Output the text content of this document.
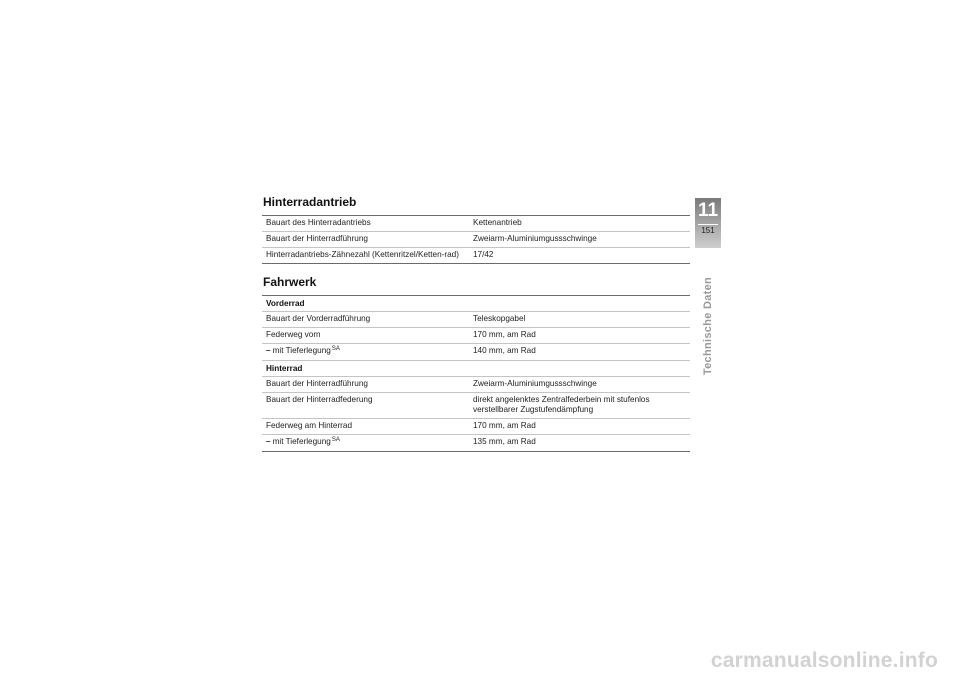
Hinterradantrieb
Bauart des Hinterradantriebs	Kettenantrieb
Bauart der Hinterradführung	Zweiarm-Aluminiumgussschwinge
Hinterradantriebs-Zähnezahl (Kettenritzel/Ketten-rad)	17/42
Fahrwerk
Vorderrad	
Bauart der Vorderradführung	Teleskopgabel
Federweg vorn	170 mm, am Rad
– mit Tieferlegung$^{SA}$	140 mm, am Rad
Hinterrad	
Bauart der Hinterradführung	Zweiarm-Aluminiumgussschwinge
Bauart der Hinterradfederung	direkt angelenktes Zentralfederbein mit stufenlos verstellbarer Zugstufendämpfung
Federweg am Hinterrad	170 mm, am Rad
– mit Tieferlegung$^{SA}$	135 mm, am Rad
11
151
Technische Daten
carmanualsonline.info
